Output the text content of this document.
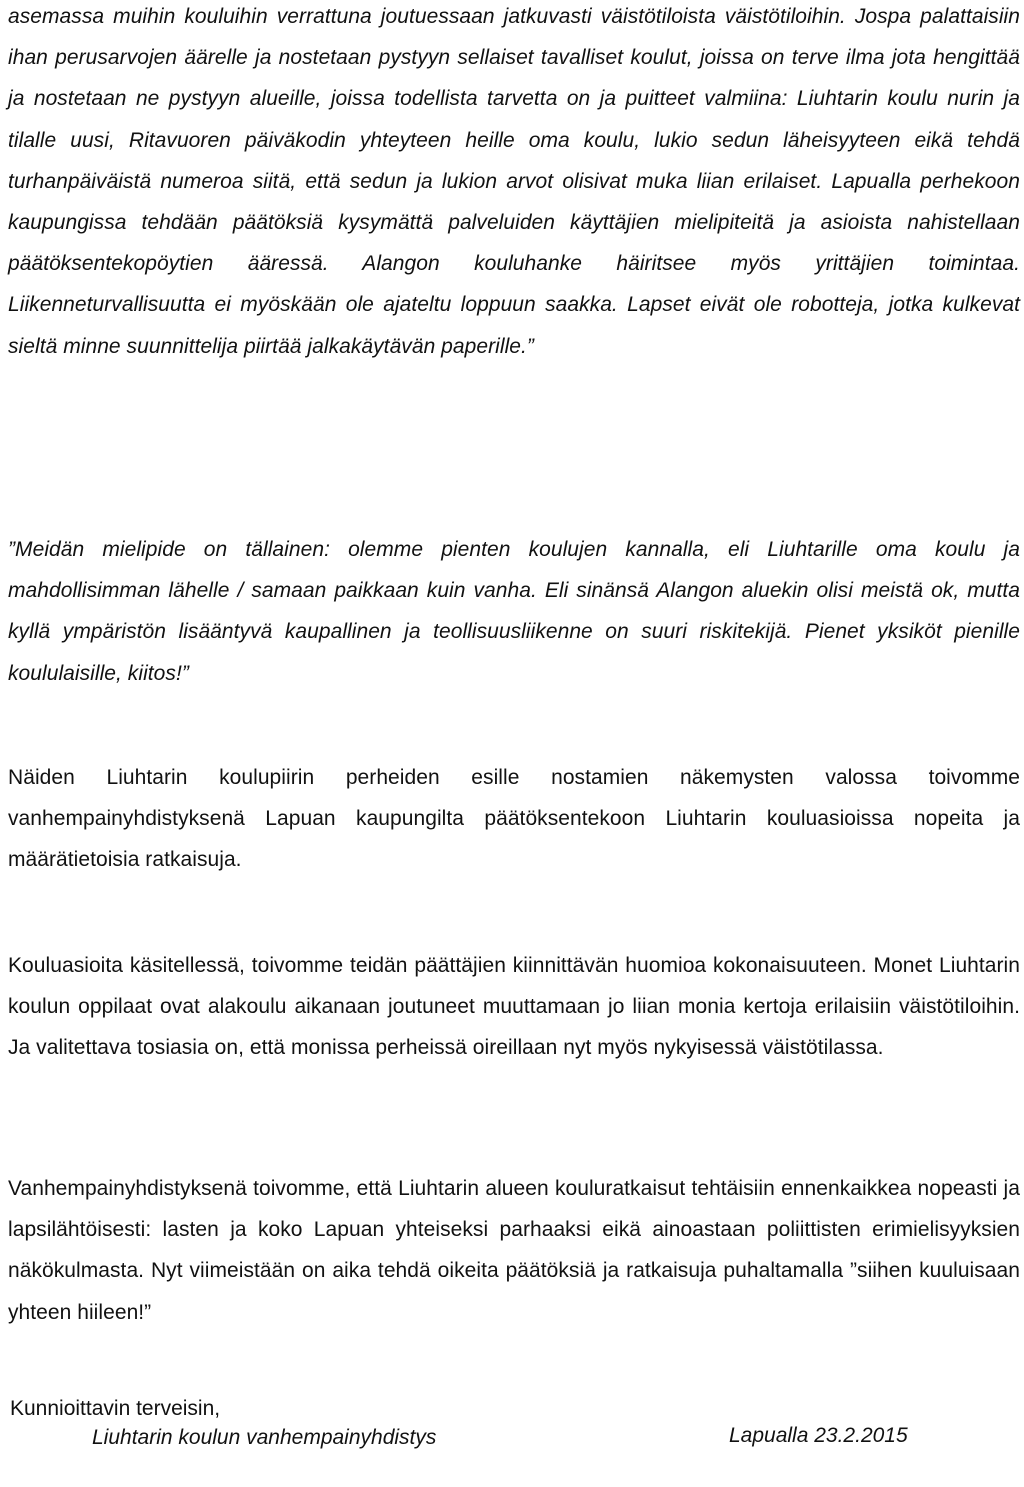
asemassa muihin kouluihin verrattuna joutuessaan jatkuvasti väistötiloista väistötiloihin. Jospa palattaisiin ihan perusarvojen äärelle ja nostetaan pystyyn sellaiset tavalliset koulut, joissa on terve ilma jota hengittää ja nostetaan ne pystyyn alueille, joissa todellista tarvetta on ja puitteet valmiina: Liuhtarin koulu nurin ja tilalle uusi, Ritavuoren päiväkodin yhteyteen heille oma koulu, lukio sedun läheisyyteen eikä tehdä turhanpäiväistä numeroa siitä, että sedun ja lukion arvot olisivat muka liian erilaiset. Lapualla perhekoon kaupungissa tehdään päätöksiä kysymättä palveluiden käyttäjien mielipiteitä ja asioista nahistellaan päätöksentekopöytien ääressä. Alangon kouluhanke häiritsee myös yrittäjien toimintaa. Liikenneturvallisuutta ei myöskään ole ajateltu loppuun saakka. Lapset eivät ole robotteja, jotka kulkevat sieltä minne suunnittelija piirtää jalkakäytävän paperille.”

”Meidän mielipide on tällainen: olemme pienten koulujen kannalla, eli Liuhtarille oma koulu ja mahdollisimman lähelle / samaan paikkaan kuin vanha. Eli sinänsä Alangon aluekin olisi meistä ok, mutta kyllä ympäristön lisääntyvä kaupallinen ja teollisuusliikenne on suuri riskitekijä. Pienet yksiköt pienille koululaisille, kiitos!”

Näiden Liuhtarin koulupiirin perheiden esille nostamien näkemysten valossa toivomme vanhempainyhdistyksenä Lapuan kaupungilta päätöksentekoon Liuhtarin kouluasioissa nopeita ja määrätietoisia ratkaisuja.

Kouluasioita käsitellessä, toivomme teidän päättäjien kiinnittävän huomioa kokonaisuuteen. Monet Liuhtarin koulun oppilaat ovat alakoulu aikanaan joutuneet muuttamaan jo liian monia kertoja erilaisiin väistötiloihin. Ja valitettava tosiasia on, että monissa perheissä oireillaan nyt myös nykyisessä väistötilassa.

Vanhempainyhdistyksenä toivomme, että Liuhtarin alueen kouluratkaisut tehtäisiin ennenkaikkea nopeasti ja lapsilähtöisesti: lasten ja koko Lapuan yhteiseksi parhaaksi eikä ainoastaan poliittisten erimielisyyksien näkökulmasta. Nyt viimeistään on aika tehdä oikeita päätöksiä ja ratkaisuja puhaltamalla ”siihen kuuluisaan yhteen hiileen!”

Kunnioittavin terveisin,

Liuhtarin koulun vanhempainyhdistys	Lapualla 23.2.2015
